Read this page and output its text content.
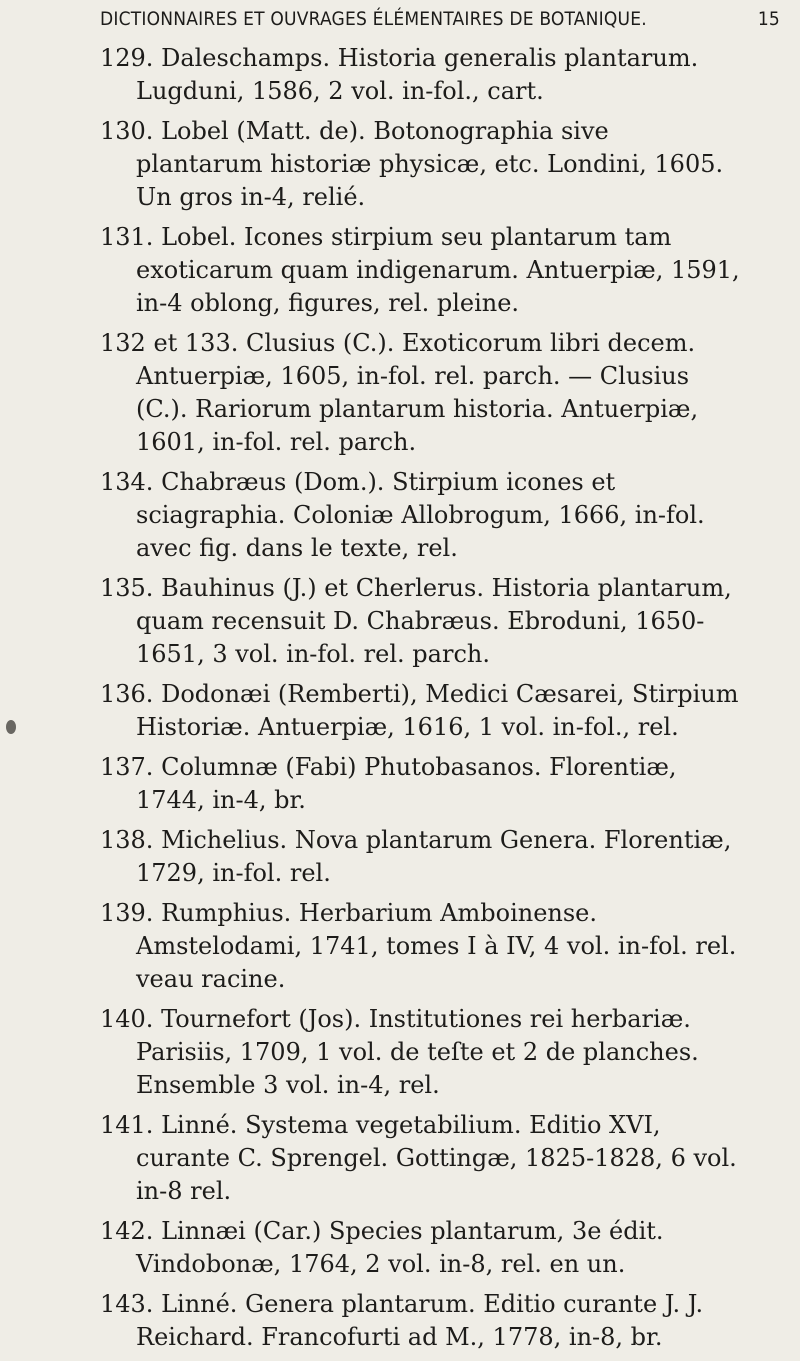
DICTIONNAIRES ET OUVRAGES ÉLÉMENTAIRES DE BOTANIQUE.	15
129. Daleschamps. Historia generalis plantarum. Lugduni, 1586, 2 vol. in-fol., cart.
130. Lobel (Matt. de). Botonographia sive plantarum historiæ physicæ, etc. Londini, 1605. Un gros in-4, relié.
131. Lobel. Icones stirpium seu plantarum tam exoticarum quam indigenarum. Antuerpiæ, 1591, in-4 oblong, figures, rel. pleine.
132 et 133. Clusius (C.). Exoticorum libri decem. Antuerpiæ, 1605, in-fol. rel. parch. — Clusius (C.). Rariorum plantarum historia. Antuerpiæ, 1601, in-fol. rel. parch.
134. Chabræus (Dom.). Stirpium icones et sciagraphia. Coloniæ Allobrogum, 1666, in-fol. avec fig. dans le texte, rel.
135. Bauhinus (J.) et Cherlerus. Historia plantarum, quam recensuit D. Chabræus. Ebroduni, 1650-1651, 3 vol. in-fol. rel. parch.
136. Dodonæi (Remberti), Medici Cæsarei, Stirpium Historiæ. Antuerpiæ, 1616, 1 vol. in-fol., rel.
137. Columnæ (Fabi) Phutobasanos. Florentiæ, 1744, in-4, br.
138. Michelius. Nova plantarum Genera. Florentiæ, 1729, in-fol. rel.
139. Rumphius. Herbarium Amboinense. Amstelodami, 1741, tomes I à IV, 4 vol. in-fol. rel. veau racine.
140. Tournefort (Jos). Institutiones rei herbariæ. Parisiis, 1709, 1 vol. de teſte et 2 de planches. Ensemble 3 vol. in-4, rel.
141. Linné. Systema vegetabilium. Editio XVI, curante C. Sprengel. Gottingæ, 1825-1828, 6 vol. in-8 rel.
142. Linnæi (Car.) Species plantarum, 3e édit. Vindobonæ, 1764, 2 vol. in-8, rel. en un.
143. Linné. Genera plantarum. Editio curante J. J. Reichard. Francofurti ad M., 1778, in-8, br.
